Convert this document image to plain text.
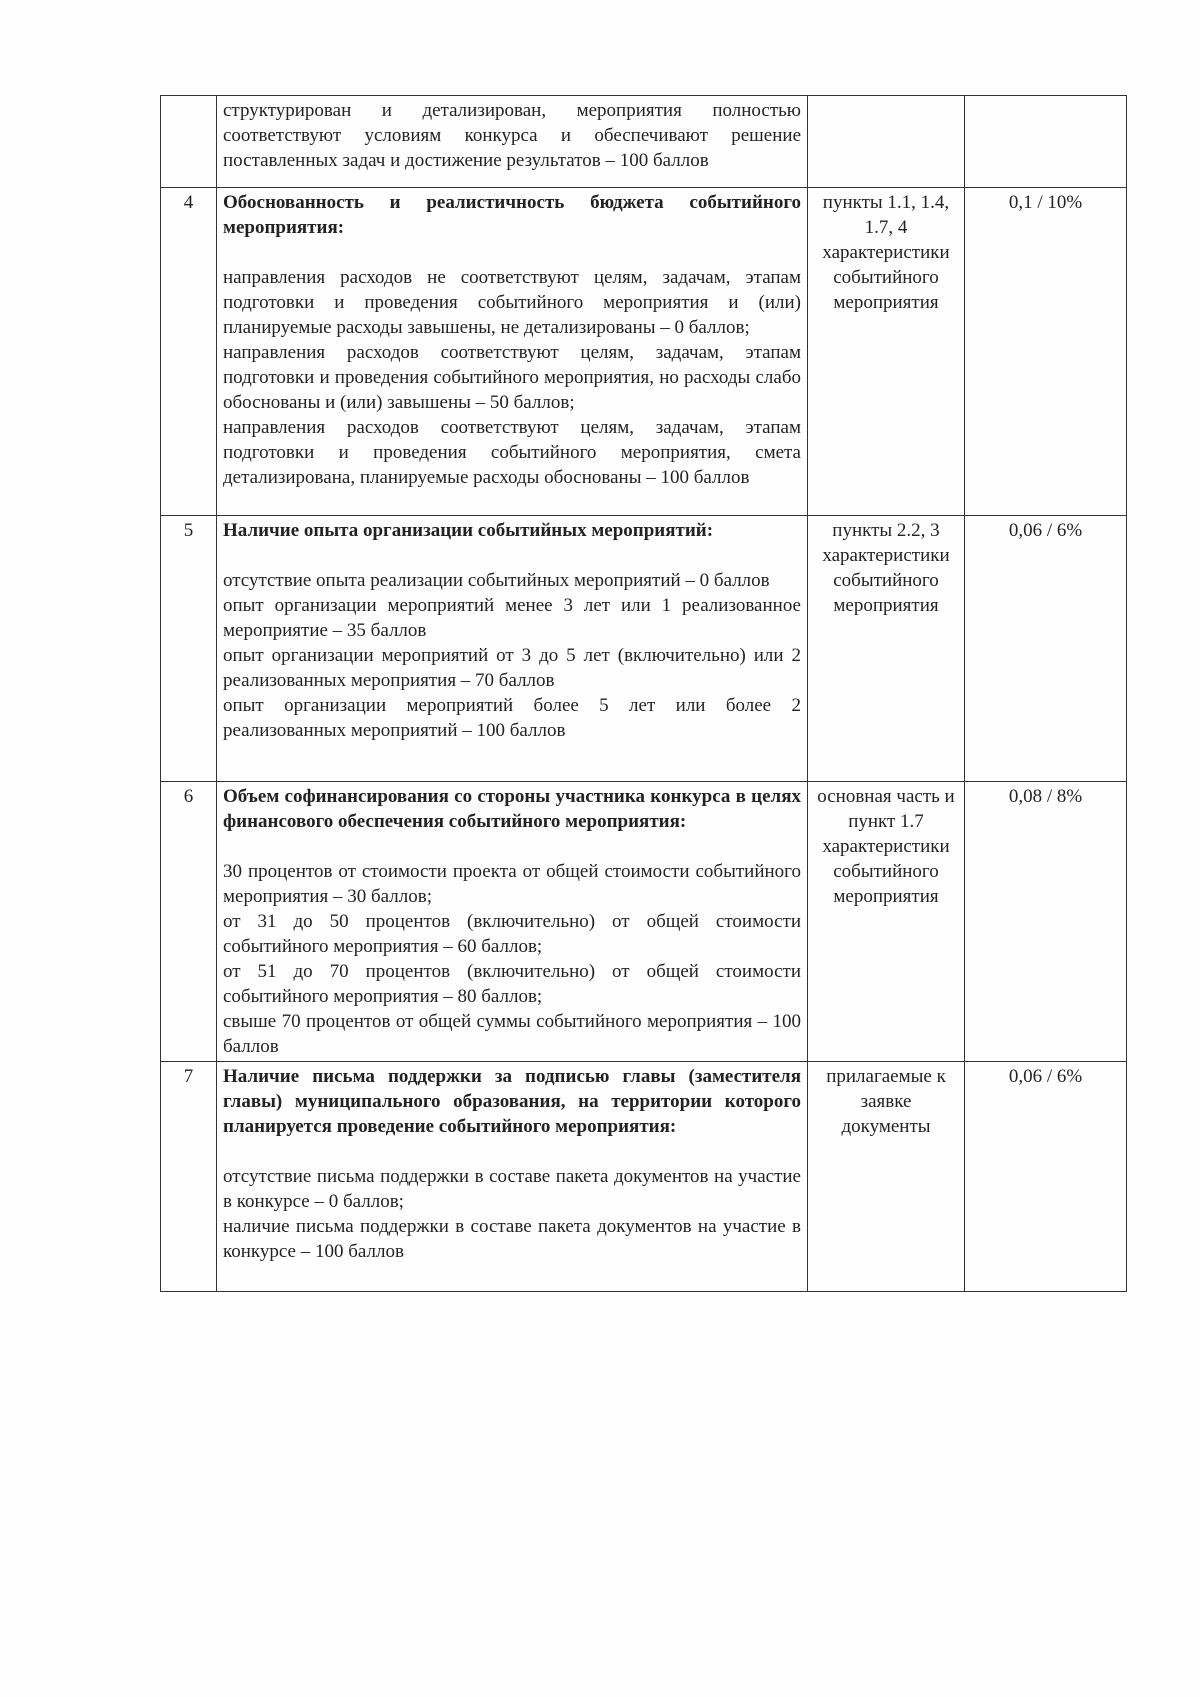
	структурирован и детализирован, мероприятия полностью соответствуют условиям конкурса и обеспечивают решение поставленных задач и достижение результатов – 100 баллов		

4	Обоснованность и реалистичность бюджета событийного мероприятия:
направления расходов не соответствуют целям, задачам, этапам подготовки и проведения событийного мероприятия и (или) планируемые расходы завышены, не детализированы – 0 баллов;
направления расходов соответствуют целям, задачам, этапам подготовки и проведения событийного мероприятия, но расходы слабо обоснованы и (или) завышены – 50 баллов;
направления расходов соответствуют целям, задачам, этапам подготовки и проведения событийного мероприятия, смета детализирована, планируемые расходы обоснованы – 100 баллов	пункты 1.1, 1.4, 1.7, 4 характеристики событийного мероприятия	0,1 / 10%
5	Наличие опыта организации событийных мероприятий:
отсутствие опыта реализации событийных мероприятий – 0 баллов
опыт организации мероприятий менее 3 лет или 1 реализованное мероприятие – 35 баллов
опыт организации мероприятий от 3 до 5 лет (включительно) или 2 реализованных мероприятия – 70 баллов
опыт организации мероприятий более 5 лет или более 2 реализованных мероприятий – 100 баллов	пункты 2.2, 3 характеристики событийного мероприятия	0,06 / 6%
6	Объем софинансирования со стороны участника конкурса в целях финансового обеспечения событийного мероприятия:
30 процентов от стоимости проекта от общей стоимости событийного мероприятия – 30 баллов;
от 31 до 50 процентов (включительно) от общей стоимости событийного мероприятия – 60 баллов;
от 51 до 70 процентов (включительно) от общей стоимости событийного мероприятия – 80 баллов;
свыше 70 процентов от общей суммы событийного мероприятия – 100 баллов	основная часть и пункт 1.7 характеристики событийного мероприятия	0,08 / 8%
7	Наличие письма поддержки за подписью главы (заместителя главы) муниципального образования, на территории которого планируется проведение событийного мероприятия:
отсутствие письма поддержки в составе пакета документов на участие в конкурсе – 0 баллов;
наличие письма поддержки в составе пакета документов на участие в конкурсе – 100 баллов	прилагаемые к заявке документы	0,06 / 6%
